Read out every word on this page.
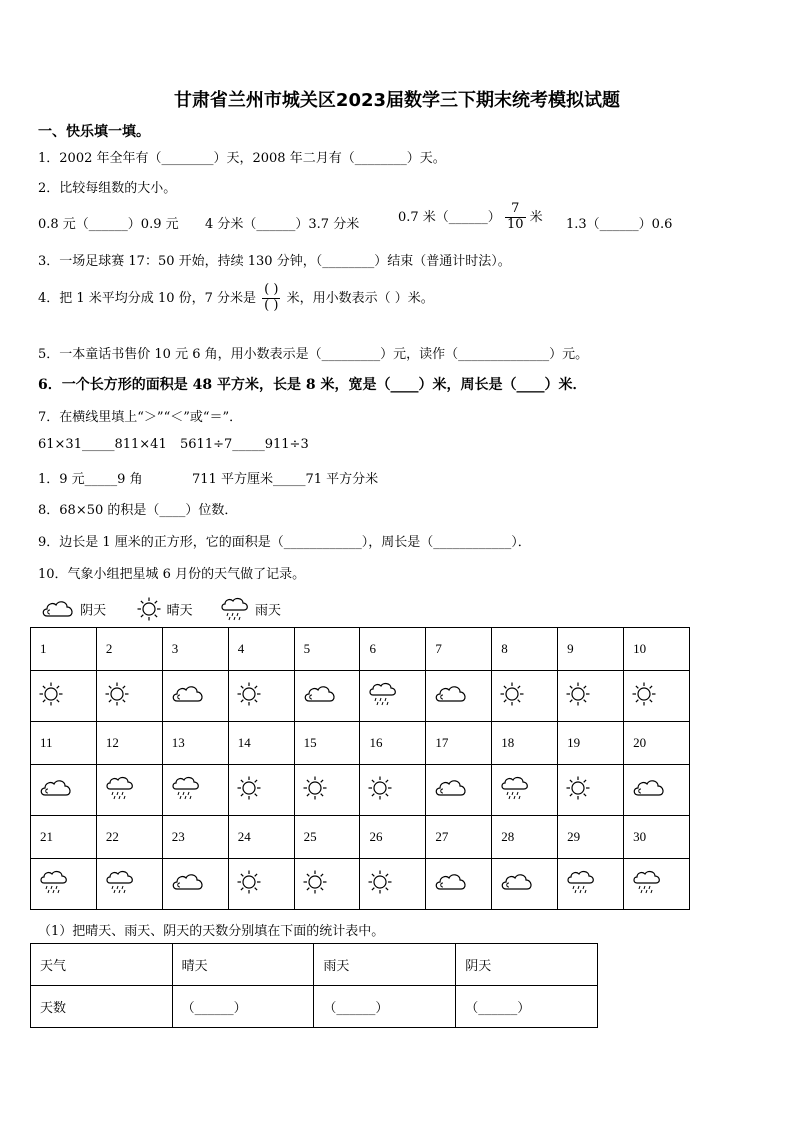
甘肃省兰州市城关区2023届数学三下期末统考模拟试题
一、快乐填一填。
1．2002 年全年有（________）天，2008 年二月有（________）天。
2．比较每组数的大小。
0.8 元（______）0.9 元 4 分米（______）3.7 分米	0.7 米（______） $\frac{7}{10}$ 米 1.3（______）0.6
3．一场足球赛 17：50 开始，持续 130 分钟，（________）结束（普通计时法）。
4．把 1 米平均分成 10 份，7 分米是 $\frac{( )}{( )}$ 米，用小数表示（ ）米。
5．一本童话书售价 10 元 6 角，用小数表示是（_________）元，读作（______________）元。
6．一个长方形的面积是 48 平方米，长是 8 米，宽是（____）米，周长是（____）米．
7．在横线里填上“＞”“＜”或“＝”．
61×31_____811×41 5611÷7_____911÷3
1．9 元_____9 角	711 平方厘米_____71 平方分米
8．68×50 的积是（____）位数．
9．边长是 1 厘米的正方形，它的面积是（____________），周长是（____________）．
10．气象小组把星城 6 月份的天气做了记录。
阴天	晴天	雨天
1	2	3	4	5	6	7	8	9	10

11	12	13	14	15	16	17	18	19	20

21	22	23	24	25	26	27	28	29	30

（1）把晴天、雨天、阴天的天数分别填在下面的统计表中。
天气	晴天	雨天	阴天
天数	（______）	（______）	（______）
